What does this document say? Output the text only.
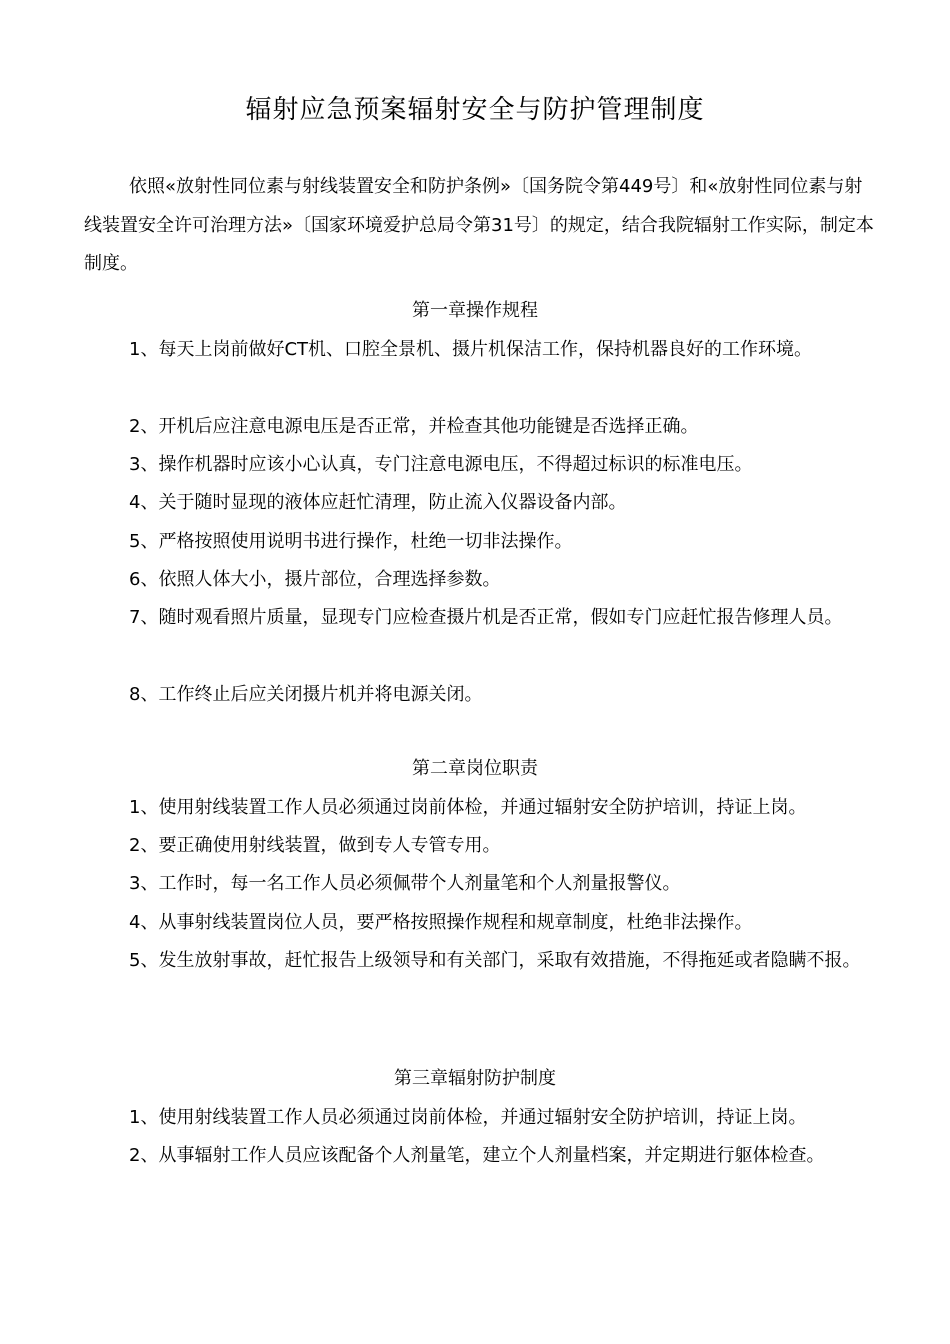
辐射应急预案辐射安全与防护管理制度

依照«放射性同位素与射线装置安全和防护条例»〔国务院令第449号〕和«放射性同位素与射线装置安全许可治理方法»〔国家环境爱护总局令第31号〕的规定，结合我院辐射工作实际，制定本制度。

第一章操作规程

1、每天上岗前做好CT机、口腔全景机、摄片机保洁工作，保持机器良好的工作环境。

2、开机后应注意电源电压是否正常，并检查其他功能键是否选择正确。

3、操作机器时应该小心认真，专门注意电源电压，不得超过标识的标准电压。

4、关于随时显现的液体应赶忙清理，防止流入仪器设备内部。

5、严格按照使用说明书进行操作，杜绝一切非法操作。

6、依照人体大小，摄片部位，合理选择参数。

7、随时观看照片质量，显现专门应检查摄片机是否正常，假如专门应赶忙报告修理人员。

8、工作终止后应关闭摄片机并将电源关闭。

第二章岗位职责

1、使用射线装置工作人员必须通过岗前体检，并通过辐射安全防护培训，持证上岗。

2、要正确使用射线装置，做到专人专管专用。

3、工作时，每一名工作人员必须佩带个人剂量笔和个人剂量报警仪。

4、从事射线装置岗位人员，要严格按照操作规程和规章制度，杜绝非法操作。

5、发生放射事故，赶忙报告上级领导和有关部门，采取有效措施，不得拖延或者隐瞒不报。

第三章辐射防护制度

1、使用射线装置工作人员必须通过岗前体检，并通过辐射安全防护培训，持证上岗。

2、从事辐射工作人员应该配备个人剂量笔，建立个人剂量档案，并定期进行躯体检查。
